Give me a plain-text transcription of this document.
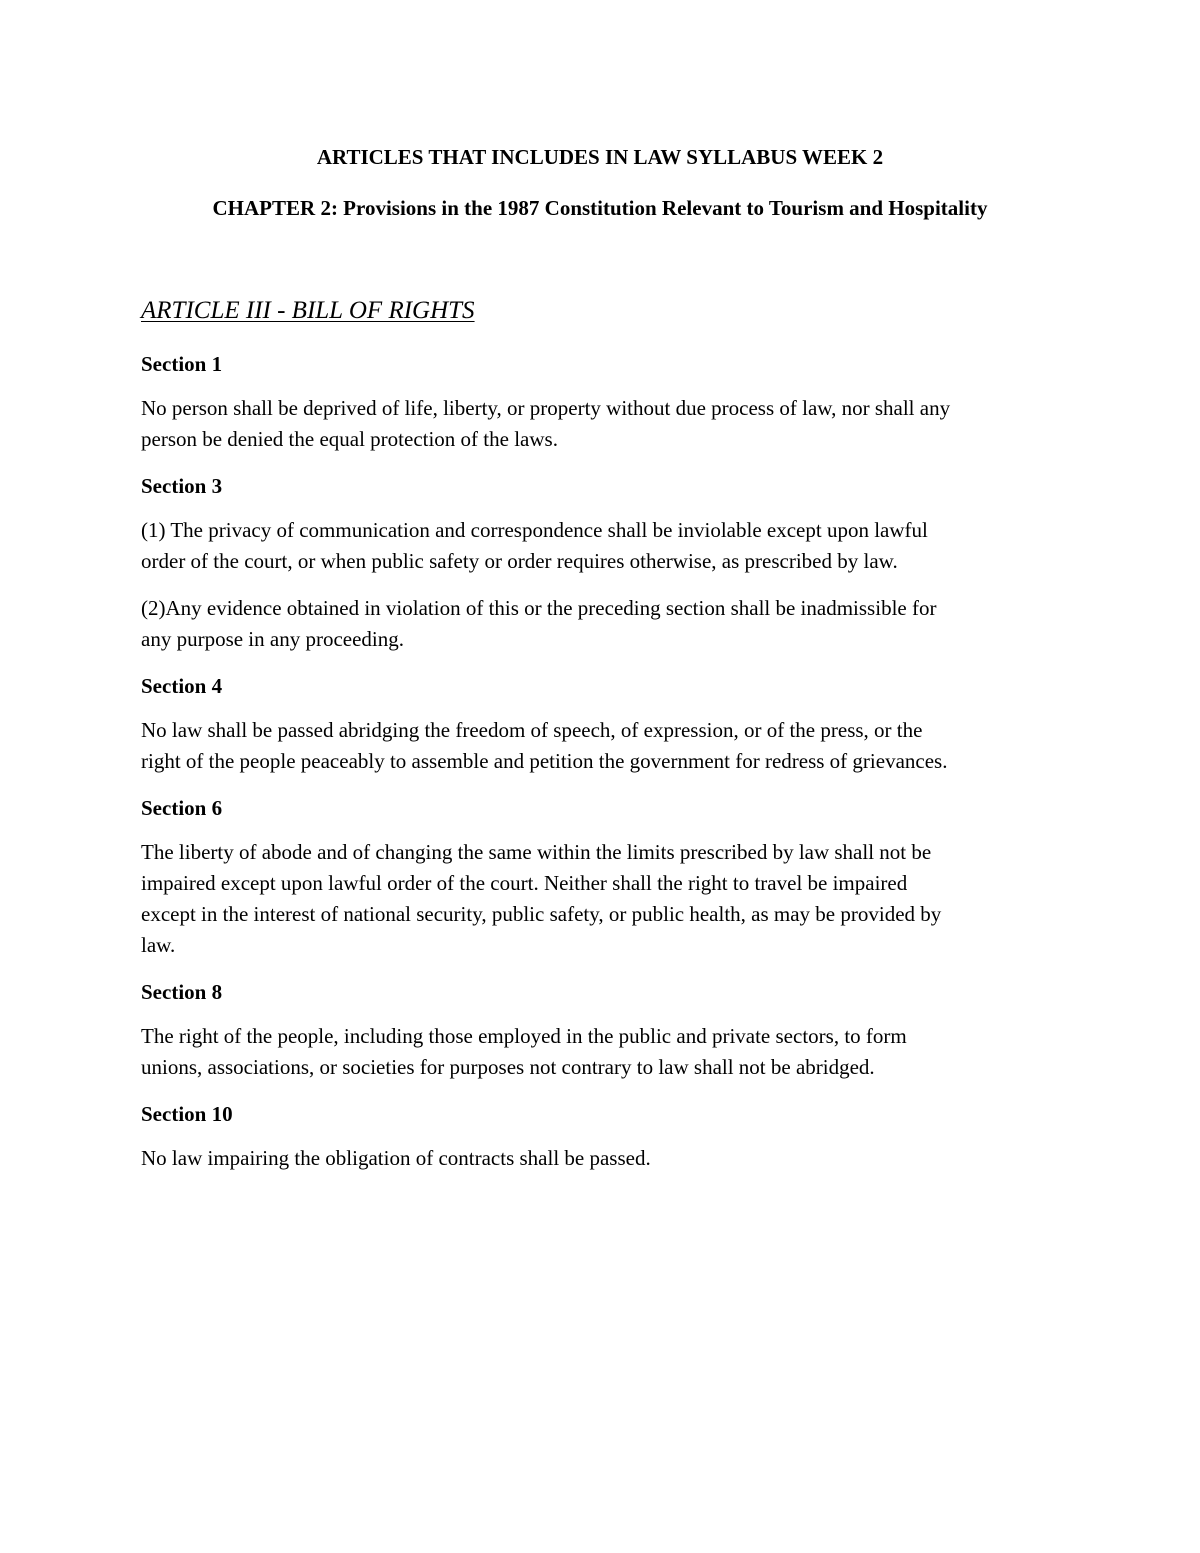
ARTICLES THAT INCLUDES IN LAW SYLLABUS WEEK 2
CHAPTER 2: Provisions in the 1987 Constitution Relevant to Tourism and Hospitality
ARTICLE III - BILL OF RIGHTS
Section 1

No person shall be deprived of life, liberty, or property without due process of law, nor shall any
person be denied the equal protection of the laws.

Section 3

(1) The privacy of communication and correspondence shall be inviolable except upon lawful
order of the court, or when public safety or order requires otherwise, as prescribed by law.

(2)Any evidence obtained in violation of this or the preceding section shall be inadmissible for
any purpose in any proceeding.

Section 4

No law shall be passed abridging the freedom of speech, of expression, or of the press, or the
right of the people peaceably to assemble and petition the government for redress of grievances.

Section 6

The liberty of abode and of changing the same within the limits prescribed by law shall not be
impaired except upon lawful order of the court. Neither shall the right to travel be impaired
except in the interest of national security, public safety, or public health, as may be provided by
law.

Section 8

The right of the people, including those employed in the public and private sectors, to form
unions, associations, or societies for purposes not contrary to law shall not be abridged.

Section 10

No law impairing the obligation of contracts shall be passed.
